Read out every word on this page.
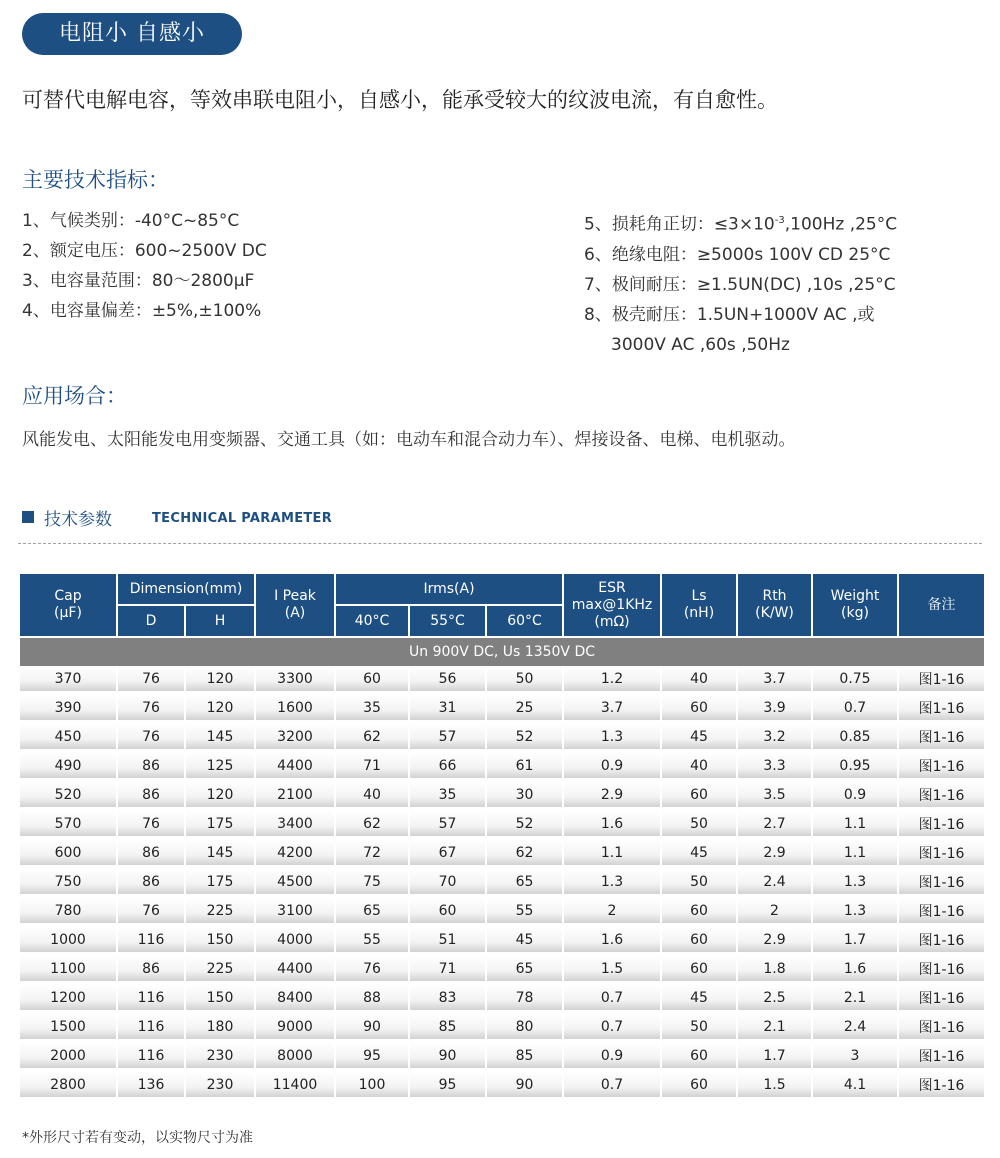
电阻小 自感小
可替代电解电容，等效串联电阻小，自感小，能承受较大的纹波电流，有自愈性。
主要技术指标：
1、气候类别：-40°C~85°C
2、额定电压：600~2500V DC
3、电容量范围：80～2800μF
4、电容量偏差：±5%,±100%
5、损耗角正切：$\le 3\times 10^{-3},100Hz$ ,25°C
6、绝缘电阻：≥5000s 100V CD 25°C
7、极间耐压：≥1.5UN(DC) ,10s ,25°C
8、极壳耐压：1.5UN+1000V AC ,或
3000V AC ,60s ,50Hz
应用场合：
风能发电、太阳能发电用变频器、交通工具（如：电动车和混合动力车）、焊接设备、电梯、电机驱动。
技术参数	TECHNICAL PARAMETER
Cap
(μF)	Dimension(mm)		I Peak
(A)	Irms(A)			ESR
max@1KHz
(mΩ)	Ls
(nH)	Rth
(K/W)	Weight
(kg)	备注
	D	H		40°C	55°C	60°C					
Un 900V DC, Us 1350V DC											
370	76	120	3300	60	56	50	1.2	40	3.7	0.75	图1-16
390	76	120	1600	35	31	25	3.7	60	3.9	0.7	图1-16
450	76	145	3200	62	57	52	1.3	45	3.2	0.85	图1-16
490	86	125	4400	71	66	61	0.9	40	3.3	0.95	图1-16
520	86	120	2100	40	35	30	2.9	60	3.5	0.9	图1-16
570	76	175	3400	62	57	52	1.6	50	2.7	1.1	图1-16
600	86	145	4200	72	67	62	1.1	45	2.9	1.1	图1-16
750	86	175	4500	75	70	65	1.3	50	2.4	1.3	图1-16
780	76	225	3100	65	60	55	2	60	2	1.3	图1-16
1000	116	150	4000	55	51	45	1.6	60	2.9	1.7	图1-16
1100	86	225	4400	76	71	65	1.5	60	1.8	1.6	图1-16
1200	116	150	8400	88	83	78	0.7	45	2.5	2.1	图1-16
1500	116	180	9000	90	85	80	0.7	50	2.1	2.4	图1-16
2000	116	230	8000	95	90	85	0.9	60	1.7	3	图1-16
2800	136	230	11400	100	95	90	0.7	60	1.5	4.1	图1-16
*外形尺寸若有变动，以实物尺寸为准
